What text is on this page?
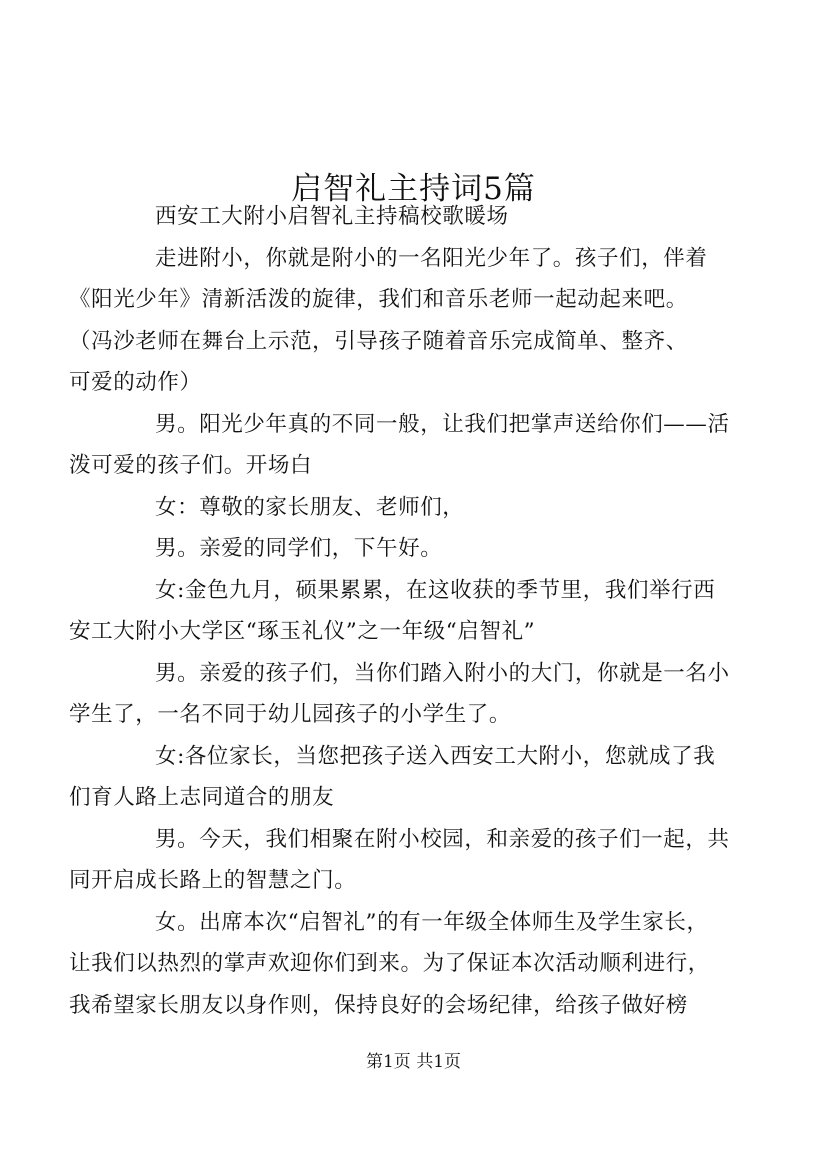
启智礼主持词5篇

西安工大附小启智礼主持稿校歌暖场

走进附小，你就是附小的一名阳光少年了。孩子们，伴着
《阳光少年》清新活泼的旋律，我们和音乐老师一起动起来吧。
（冯沙老师在舞台上示范，引导孩子随着音乐完成简单、整齐、
可爱的动作）

男。阳光少年真的不同一般，让我们把掌声送给你们——活
泼可爱的孩子们。开场白

女：尊敬的家长朋友、老师们，

男。亲爱的同学们，下午好。

女:金色九月，硕果累累，在这收获的季节里，我们举行西
安工大附小大学区“琢玉礼仪”之一年级“启智礼”

男。亲爱的孩子们，当你们踏入附小的大门，你就是一名小
学生了，一名不同于幼儿园孩子的小学生了。

女:各位家长，当您把孩子送入西安工大附小，您就成了我
们育人路上志同道合的朋友

男。今天，我们相聚在附小校园，和亲爱的孩子们一起，共
同开启成长路上的智慧之门。

女。出席本次“启智礼”的有一年级全体师生及学生家长，
让我们以热烈的掌声欢迎你们到来。为了保证本次活动顺利进行，
我希望家长朋友以身作则，保持良好的会场纪律，给孩子做好榜

第1页 共1页
